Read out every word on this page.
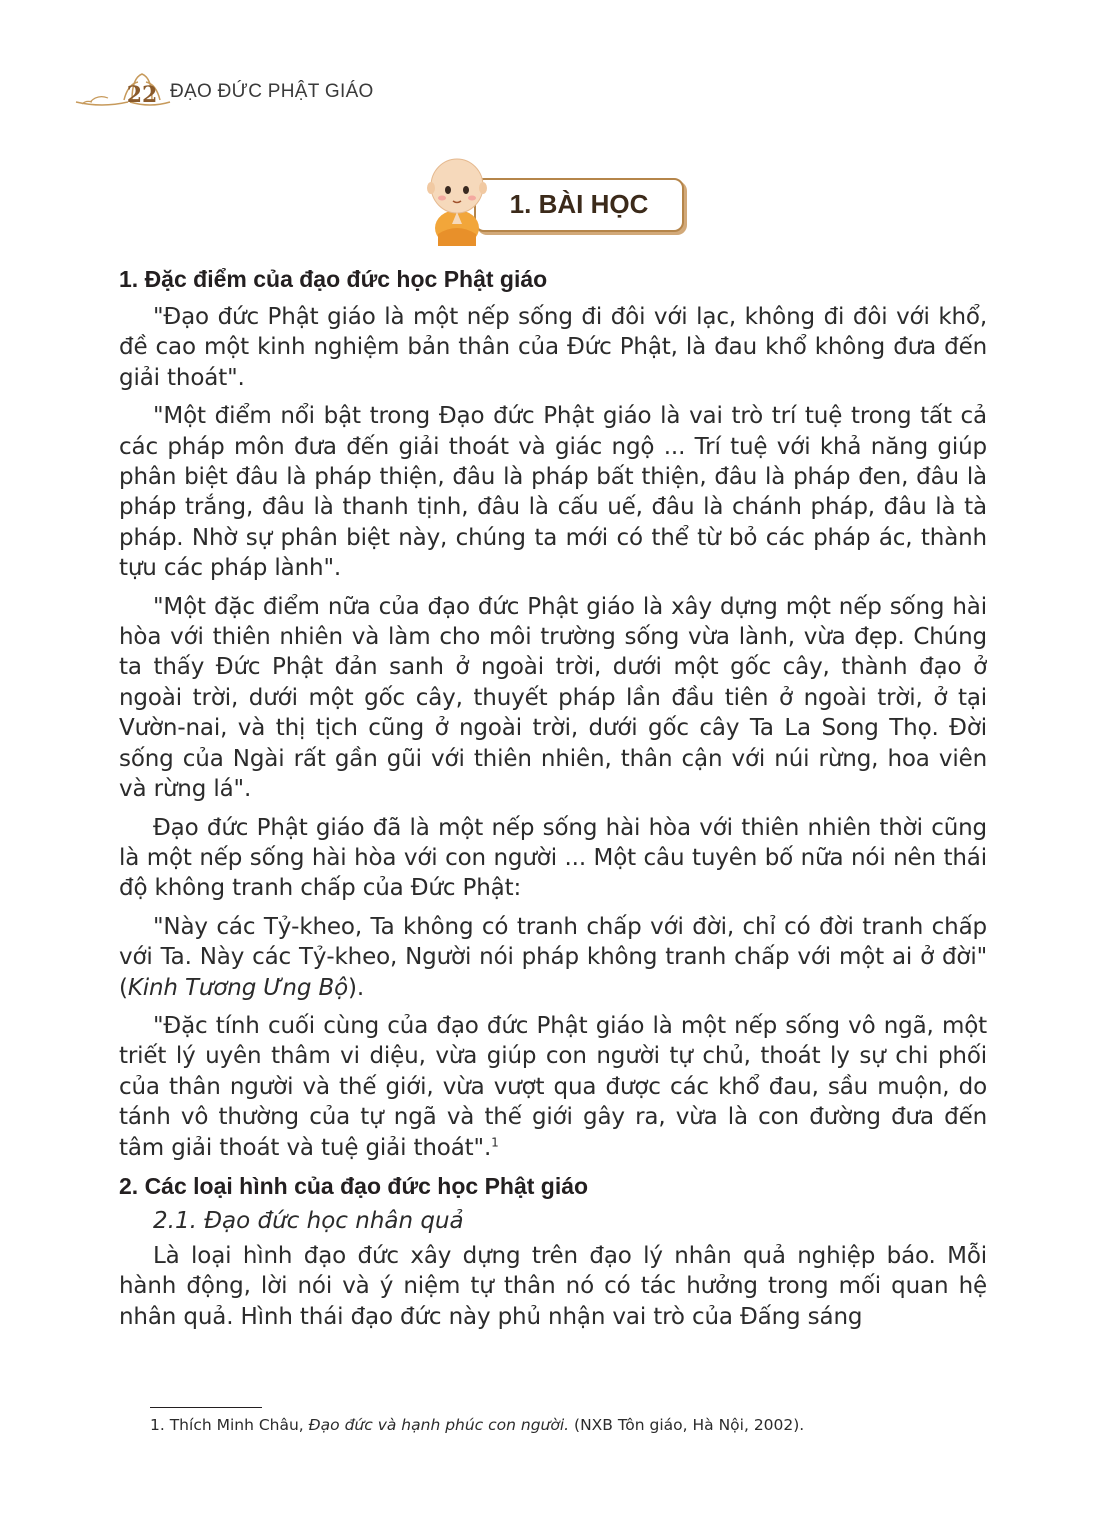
22 ĐẠO ĐỨC PHẬT GIÁO
1. BÀI HỌC
1. Đặc điểm của đạo đức học Phật giáo

"Đạo đức Phật giáo là một nếp sống đi đôi với lạc, không đi đôi với khổ, đề cao một kinh nghiệm bản thân của Đức Phật, là đau khổ không đưa đến giải thoát".

"Một điểm nổi bật trong Đạo đức Phật giáo là vai trò trí tuệ trong tất cả các pháp môn đưa đến giải thoát và giác ngộ ... Trí tuệ với khả năng giúp phân biệt đâu là pháp thiện, đâu là pháp bất thiện, đâu là pháp đen, đâu là pháp trắng, đâu là thanh tịnh, đâu là cấu uế, đâu là chánh pháp, đâu là tà pháp. Nhờ sự phân biệt này, chúng ta mới có thể từ bỏ các pháp ác, thành tựu các pháp lành".

"Một đặc điểm nữa của đạo đức Phật giáo là xây dựng một nếp sống hài hòa với thiên nhiên và làm cho môi trường sống vừa lành, vừa đẹp. Chúng ta thấy Đức Phật đản sanh ở ngoài trời, dưới một gốc cây, thành đạo ở ngoài trời, dưới một gốc cây, thuyết pháp lần đầu tiên ở ngoài trời, ở tại Vườn-nai, và thị tịch cũng ở ngoài trời, dưới gốc cây Ta La Song Thọ. Đời sống của Ngài rất gần gũi với thiên nhiên, thân cận với núi rừng, hoa viên và rừng lá".

Đạo đức Phật giáo đã là một nếp sống hài hòa với thiên nhiên thời cũng là một nếp sống hài hòa với con người ... Một câu tuyên bố nữa nói nên thái độ không tranh chấp của Đức Phật:

"Này các Tỷ-kheo, Ta không có tranh chấp với đời, chỉ có đời tranh chấp với Ta. Này các Tỷ-kheo, Người nói pháp không tranh chấp với một ai ở đời" (Kinh Tương Ưng Bộ).

"Đặc tính cuối cùng của đạo đức Phật giáo là một nếp sống vô ngã, một triết lý uyên thâm vi diệu, vừa giúp con người tự chủ, thoát ly sự chi phối của thân người và thế giới, vừa vượt qua được các khổ đau, sầu muộn, do tánh vô thường của tự ngã và thế giới gây ra, vừa là con đường đưa đến tâm giải thoát và tuệ giải thoát".$^1$

2. Các loại hình của đạo đức học Phật giáo

2.1. Đạo đức học nhân quả

Là loại hình đạo đức xây dựng trên đạo lý nhân quả nghiệp báo. Mỗi hành động, lời nói và ý niệm tự thân nó có tác hưởng trong mối quan hệ nhân quả. Hình thái đạo đức này phủ nhận vai trò của Đấng sáng

1. Thích Minh Châu, Đạo đức và hạnh phúc con người. (NXB Tôn giáo, Hà Nội, 2002).
